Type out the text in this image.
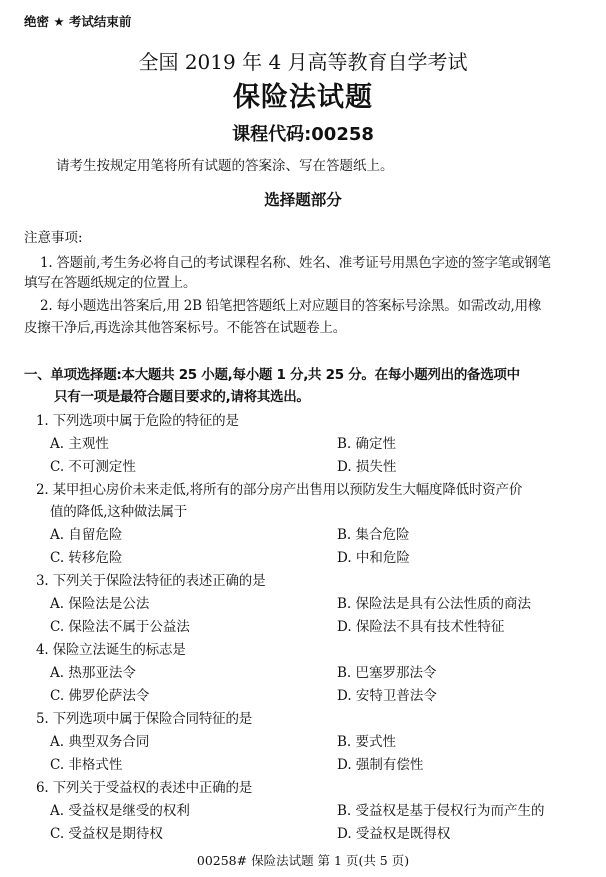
绝密 ★ 考试结束前
全国 2019 年 4 月高等教育自学考试
保险法试题
课程代码:00258
请考生按规定用笔将所有试题的答案涂、写在答题纸上。
选择题部分
注意事项:
1. 答题前,考生务必将自己的考试课程名称、姓名、准考证号用黑色字迹的签字笔或钢笔
填写在答题纸规定的位置上。
2. 每小题选出答案后,用 2B 铅笔把答题纸上对应题目的答案标号涂黑。如需改动,用橡
皮擦干净后,再选涂其他答案标号。不能答在试题卷上。
一、单项选择题:本大题共 25 小题,每小题 1 分,共 25 分。在每小题列出的备选项中
只有一项是最符合题目要求的,请将其选出。
1. 下列选项中属于危险的特征的是
A. 主观性	B. 确定性
C. 不可测定性	D. 损失性
2. 某甲担心房价未来走低,将所有的部分房产出售用以预防发生大幅度降低时资产价
值的降低,这种做法属于
A. 自留危险	B. 集合危险
C. 转移危险	D. 中和危险
3. 下列关于保险法特征的表述正确的是
A. 保险法是公法	B. 保险法是具有公法性质的商法
C. 保险法不属于公益法	D. 保险法不具有技术性特征
4. 保险立法诞生的标志是
A. 热那亚法令	B. 巴塞罗那法令
C. 佛罗伦萨法令	D. 安特卫普法令
5. 下列选项中属于保险合同特征的是
A. 典型双务合同	B. 要式性
C. 非格式性	D. 强制有偿性
6. 下列关于受益权的表述中正确的是
A. 受益权是继受的权利	B. 受益权是基于侵权行为而产生的
C. 受益权是期待权	D. 受益权是既得权
00258# 保险法试题 第 1 页(共 5 页)
